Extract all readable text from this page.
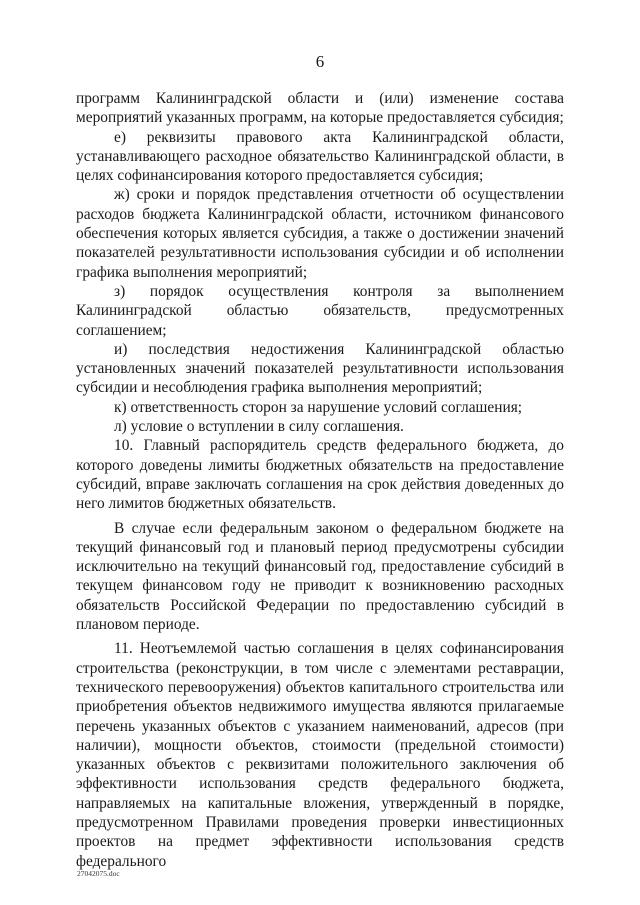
6

программ Калининградской области и (или) изменение состава мероприятий указанных программ, на которые предоставляется субсидия;

е) реквизиты правового акта Калининградской области, устанавливающего расходное обязательство Калининградской области, в целях софинансирования которого предоставляется субсидия;

ж) сроки и порядок представления отчетности об осуществлении расходов бюджета Калининградской области, источником финансового обеспечения которых является субсидия, а также о достижении значений показателей результативности использования субсидии и об исполнении графика выполнения мероприятий;

з) порядок осуществления контроля за выполнением Калининградской областью обязательств, предусмотренных соглашением;

и) последствия недостижения Калининградской областью установленных значений показателей результативности использования субсидии и несоблюдения графика выполнения мероприятий;

к) ответственность сторон за нарушение условий соглашения;

л) условие о вступлении в силу соглашения.

10. Главный распорядитель средств федерального бюджета, до которого доведены лимиты бюджетных обязательств на предоставление субсидий, вправе заключать соглашения на срок действия доведенных до него лимитов бюджетных обязательств.

В случае если федеральным законом о федеральном бюджете на текущий финансовый год и плановый период предусмотрены субсидии исключительно на текущий финансовый год, предоставление субсидий в текущем финансовом году не приводит к возникновению расходных обязательств Российской Федерации по предоставлению субсидий в плановом периоде.

11. Неотъемлемой частью соглашения в целях софинансирования строительства (реконструкции, в том числе с элементами реставрации, технического перевооружения) объектов капитального строительства или приобретения объектов недвижимого имущества являются прилагаемые перечень указанных объектов с указанием наименований, адресов (при наличии), мощности объектов, стоимости (предельной стоимости) указанных объектов с реквизитами положительного заключения об эффективности использования средств федерального бюджета, направляемых на капитальные вложения, утвержденный в порядке, предусмотренном Правилами проведения проверки инвестиционных проектов на предмет эффективности использования средств федерального

27042075.doc
